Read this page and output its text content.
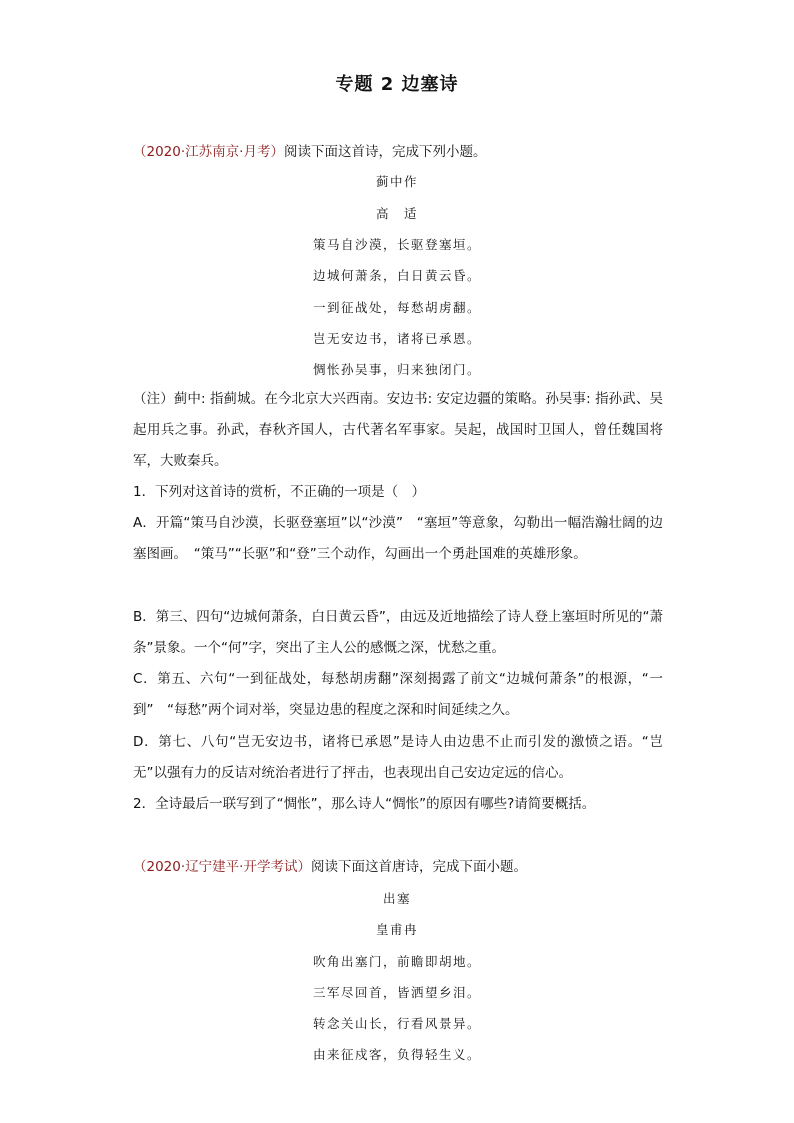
专题 2 边塞诗
（2020·江苏南京·月考）阅读下面这首诗，完成下列小题。
蓟中作
高　适
策马自沙漠，长驱登塞垣。
边城何萧条，白日黄云昏。
一到征战处，每愁胡虏翻。
岂无安边书，诸将已承恩。
惆怅孙吴事，归来独闭门。
（注）蓟中: 指蓟城。在今北京大兴西南。安边书: 安定边疆的策略。孙吴事: 指孙武、吴起用兵之事。孙武，春秋齐国人，古代著名军事家。吴起，战国时卫国人，曾任魏国将军，大败秦兵。
1．下列对这首诗的赏析，不正确的一项是（　）
A．开篇“策马自沙漠，长驱登塞垣”以“沙漠”　“塞垣”等意象，勾勒出一幅浩瀚壮阔的边塞图画。　“策马”“长驱”和“登”三个动作，勾画出一个勇赴国难的英雄形象。
B．第三、四句“边城何萧条，白日黄云昏”，由远及近地描绘了诗人登上塞垣时所见的“萧条”景象。一个“何”字，突出了主人公的感慨之深，忧愁之重。
C．第五、六句“一到征战处，每愁胡虏翻”深刻揭露了前文“边城何萧条”的根源，“一到”　“每愁”两个词对举，突显边患的程度之深和时间延续之久。
D．第七、八句“岂无安边书，诸将已承恩”是诗人由边患不止而引发的激愤之语。“岂无”以强有力的反诘对统治者进行了抨击，也表现出自己安边定远的信心。
2．全诗最后一联写到了“惆怅”，那么诗人“惆怅”的原因有哪些?请简要概括。
（2020·辽宁建平·开学考试）阅读下面这首唐诗，完成下面小题。
出塞
皇甫冉
吹角出塞门，前瞻即胡地。
三军尽回首，皆洒望乡泪。
转念关山长，行看风景异。
由来征戍客，负得轻生义。
